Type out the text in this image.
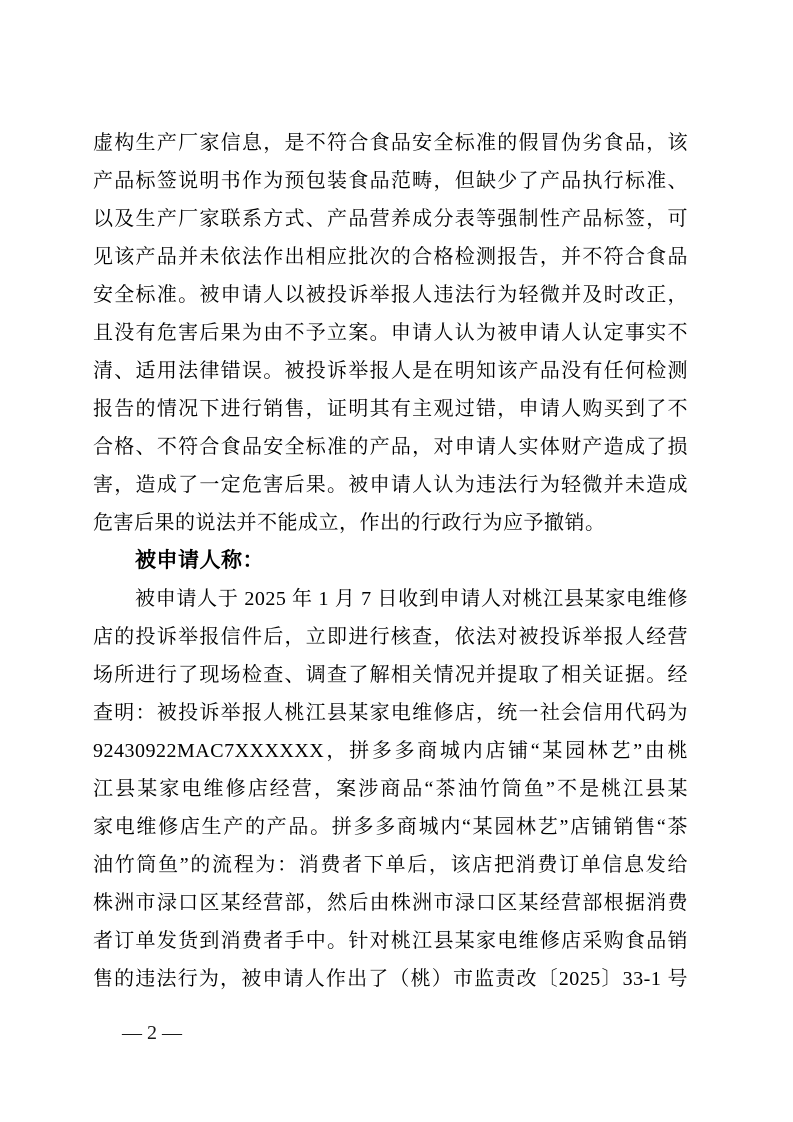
虚构生产厂家信息，是不符合食品安全标准的假冒伪劣食品，该
产品标签说明书作为预包装食品范畴，但缺少了产品执行标准、
以及生产厂家联系方式、产品营养成分表等强制性产品标签，可
见该产品并未依法作出相应批次的合格检测报告，并不符合食品
安全标准。被申请人以被投诉举报人违法行为轻微并及时改正，
且没有危害后果为由不予立案。申请人认为被申请人认定事实不
清、适用法律错误。被投诉举报人是在明知该产品没有任何检测
报告的情况下进行销售，证明其有主观过错，申请人购买到了不
合格、不符合食品安全标准的产品，对申请人实体财产造成了损
害，造成了一定危害后果。被申请人认为违法行为轻微并未造成
危害后果的说法并不能成立，作出的行政行为应予撤销。
被申请人称：
被申请人于 2025 年 1 月 7 日收到申请人对桃江县某家电维修
店的投诉举报信件后，立即进行核查，依法对被投诉举报人经营
场所进行了现场检查、调查了解相关情况并提取了相关证据。经
查明：被投诉举报人桃江县某家电维修店，统一社会信用代码为
92430922MAC7XXXXXX，拼多多商城内店铺“某园林艺”由桃
江县某家电维修店经营，案涉商品“茶油竹筒鱼”不是桃江县某
家电维修店生产的产品。拼多多商城内“某园林艺”店铺销售“茶
油竹筒鱼”的流程为：消费者下单后，该店把消费订单信息发给
株洲市渌口区某经营部，然后由株洲市渌口区某经营部根据消费
者订单发货到消费者手中。针对桃江县某家电维修店采购食品销
售的违法行为，被申请人作出了（桃）市监责改〔2025〕33-1 号
— 2 —
